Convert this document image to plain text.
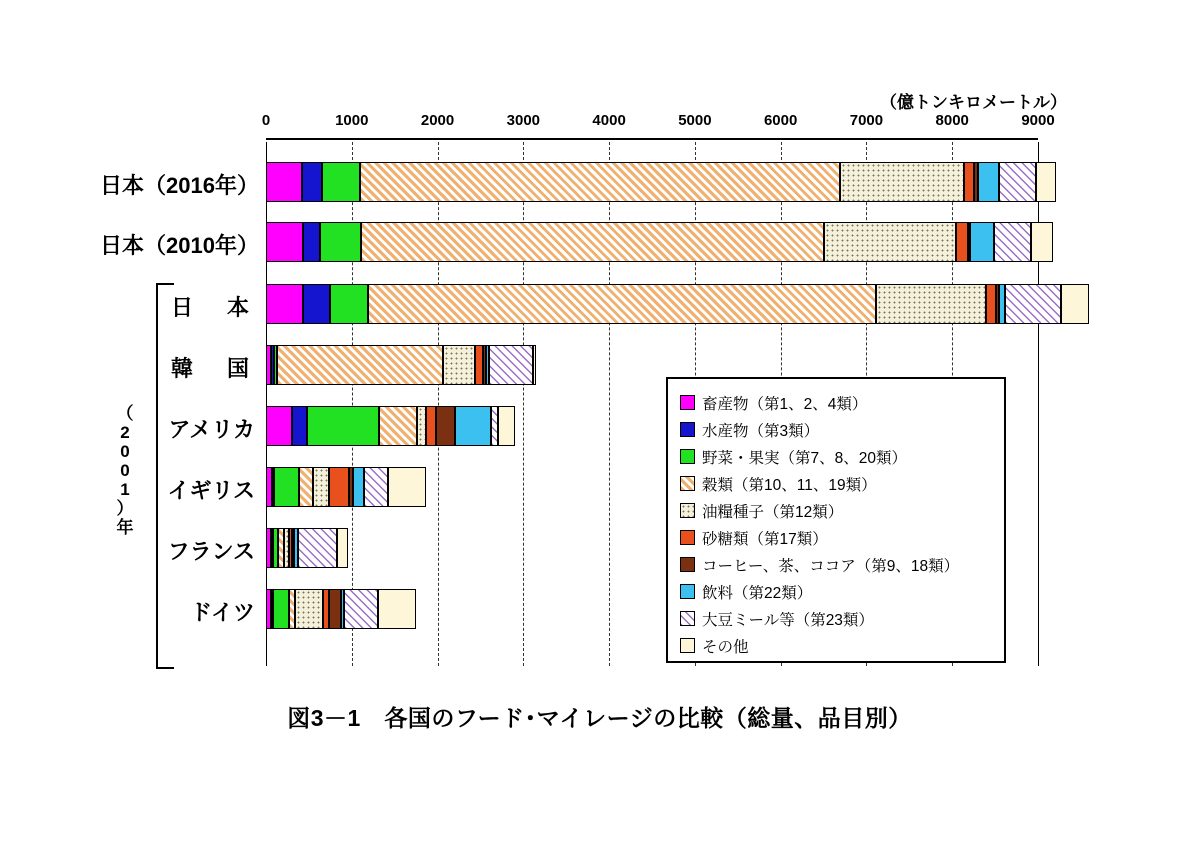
（億トンキロメートル）
0	1000	2000	3000	4000	5000	6000	7000	8000	9000
日本（2016年）
日本（2010年）
日　本
韓　国
アメリカ
イギリス
フランス
ドイツ
（
2
0
0
1
）
年
畜産物（第1、2、4類）
水産物（第3類）
野菜・果実（第7、8、20類）
穀類（第10、11、19類）
油糧種子（第12類）
砂糖類（第17類）
コーヒー、茶、ココア（第9、18類）
飲料（第22類）
大豆ミール等（第23類）
その他
図3－1　各国のフード･マイレージの比較（総量、品目別）
